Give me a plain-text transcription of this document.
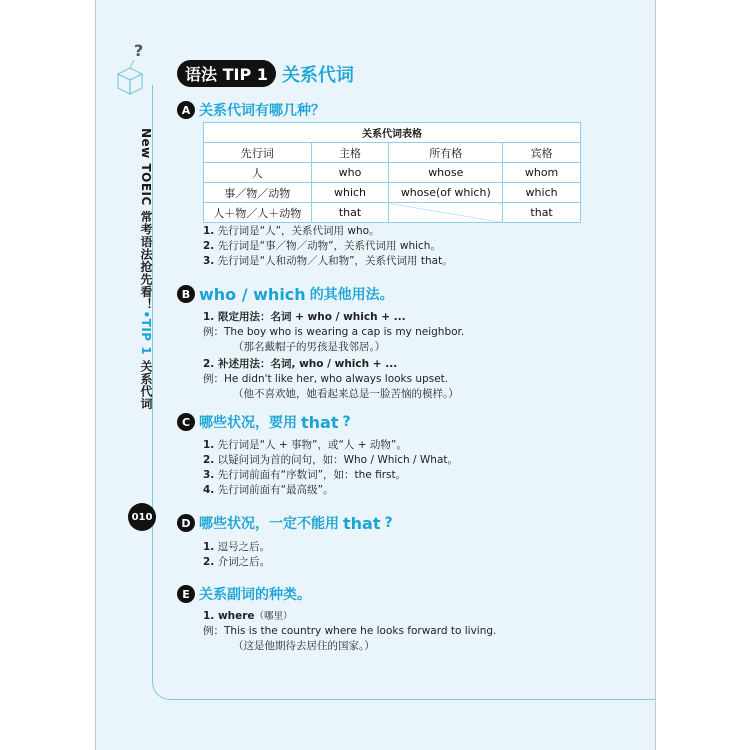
?
New TOEIC 常考语法抢先看！•TIP 1 关系代词
010
语法 TIP 1 关系代词
A 关系代词有哪几种？
关系代词表格			
先行词	主格	所有格	宾格
人	who	whose	whom
事／物／动物	which	whose(of which)	which
人＋物／人＋动物	that		that
1. 先行词是“人”，关系代词用 who。
2. 先行词是“事／物／动物”，关系代词用 which。
3. 先行词是“人和动物／人和物”，关系代词用 that。
B who / which 的其他用法。
1. 限定用法：名词 + who / which + ...
例：The boy who is wearing a cap is my neighbor.
（那名戴帽子的男孩是我邻居。）
2. 补述用法：名词, who / which + ...
例：He didn't like her, who always looks upset.
（他不喜欢她，她看起来总是一脸苦恼的模样。）
C 哪些状况，要用 that ?
1. 先行词是“人 + 事物”，或“人 + 动物”。
2. 以疑问词为首的问句，如：Who / Which / What。
3. 先行词前面有“序数词”，如：the first。
4. 先行词前面有“最高级”。
D 哪些状况，一定不能用 that ?
1. 逗号之后。
2. 介词之后。
E 关系副词的种类。
1. where（哪里）
例：This is the country where he looks forward to living.
（这是他期待去居住的国家。）
